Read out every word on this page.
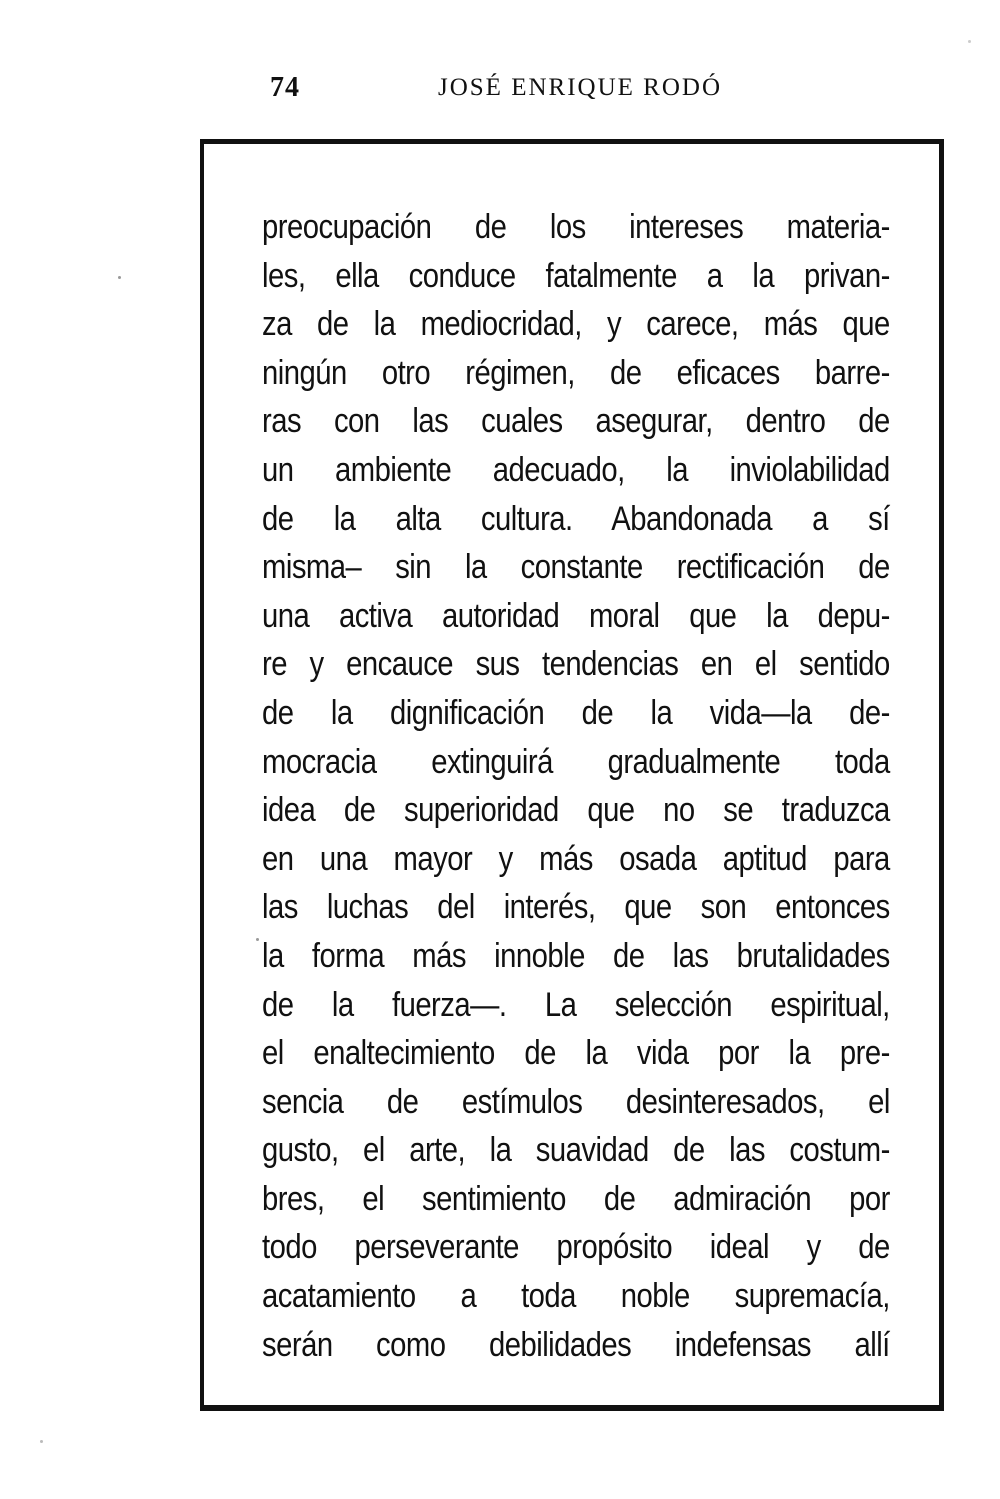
74	JOSÉ ENRIQUE RODÓ
preocupación de los intereses materia-
les, ella conduce fatalmente a la privan-
za de la mediocridad, y carece, más que
ningún otro régimen, de eficaces barre-
ras con las cuales asegurar, dentro de
un ambiente adecuado, la inviolabilidad
de la alta cultura. Abandonada a sí
misma– sin la constante rectificación de
una activa autoridad moral que la depu-
re y encauce sus tendencias en el sentido
de la dignificación de la vida—la de-
mocracia extinguirá gradualmente toda
idea de superioridad que no se traduzca
en una mayor y más osada aptitud para
las luchas del interés, que son entonces
la forma más innoble de las brutalidades
de la fuerza—. La selección espiritual,
el enaltecimiento de la vida por la pre-
sencia de estímulos desinteresados, el
gusto, el arte, la suavidad de las costum-
bres, el sentimiento de admiración por
todo perseverante propósito ideal y de
acatamiento a toda noble supremacía,
serán como debilidades indefensas allí
